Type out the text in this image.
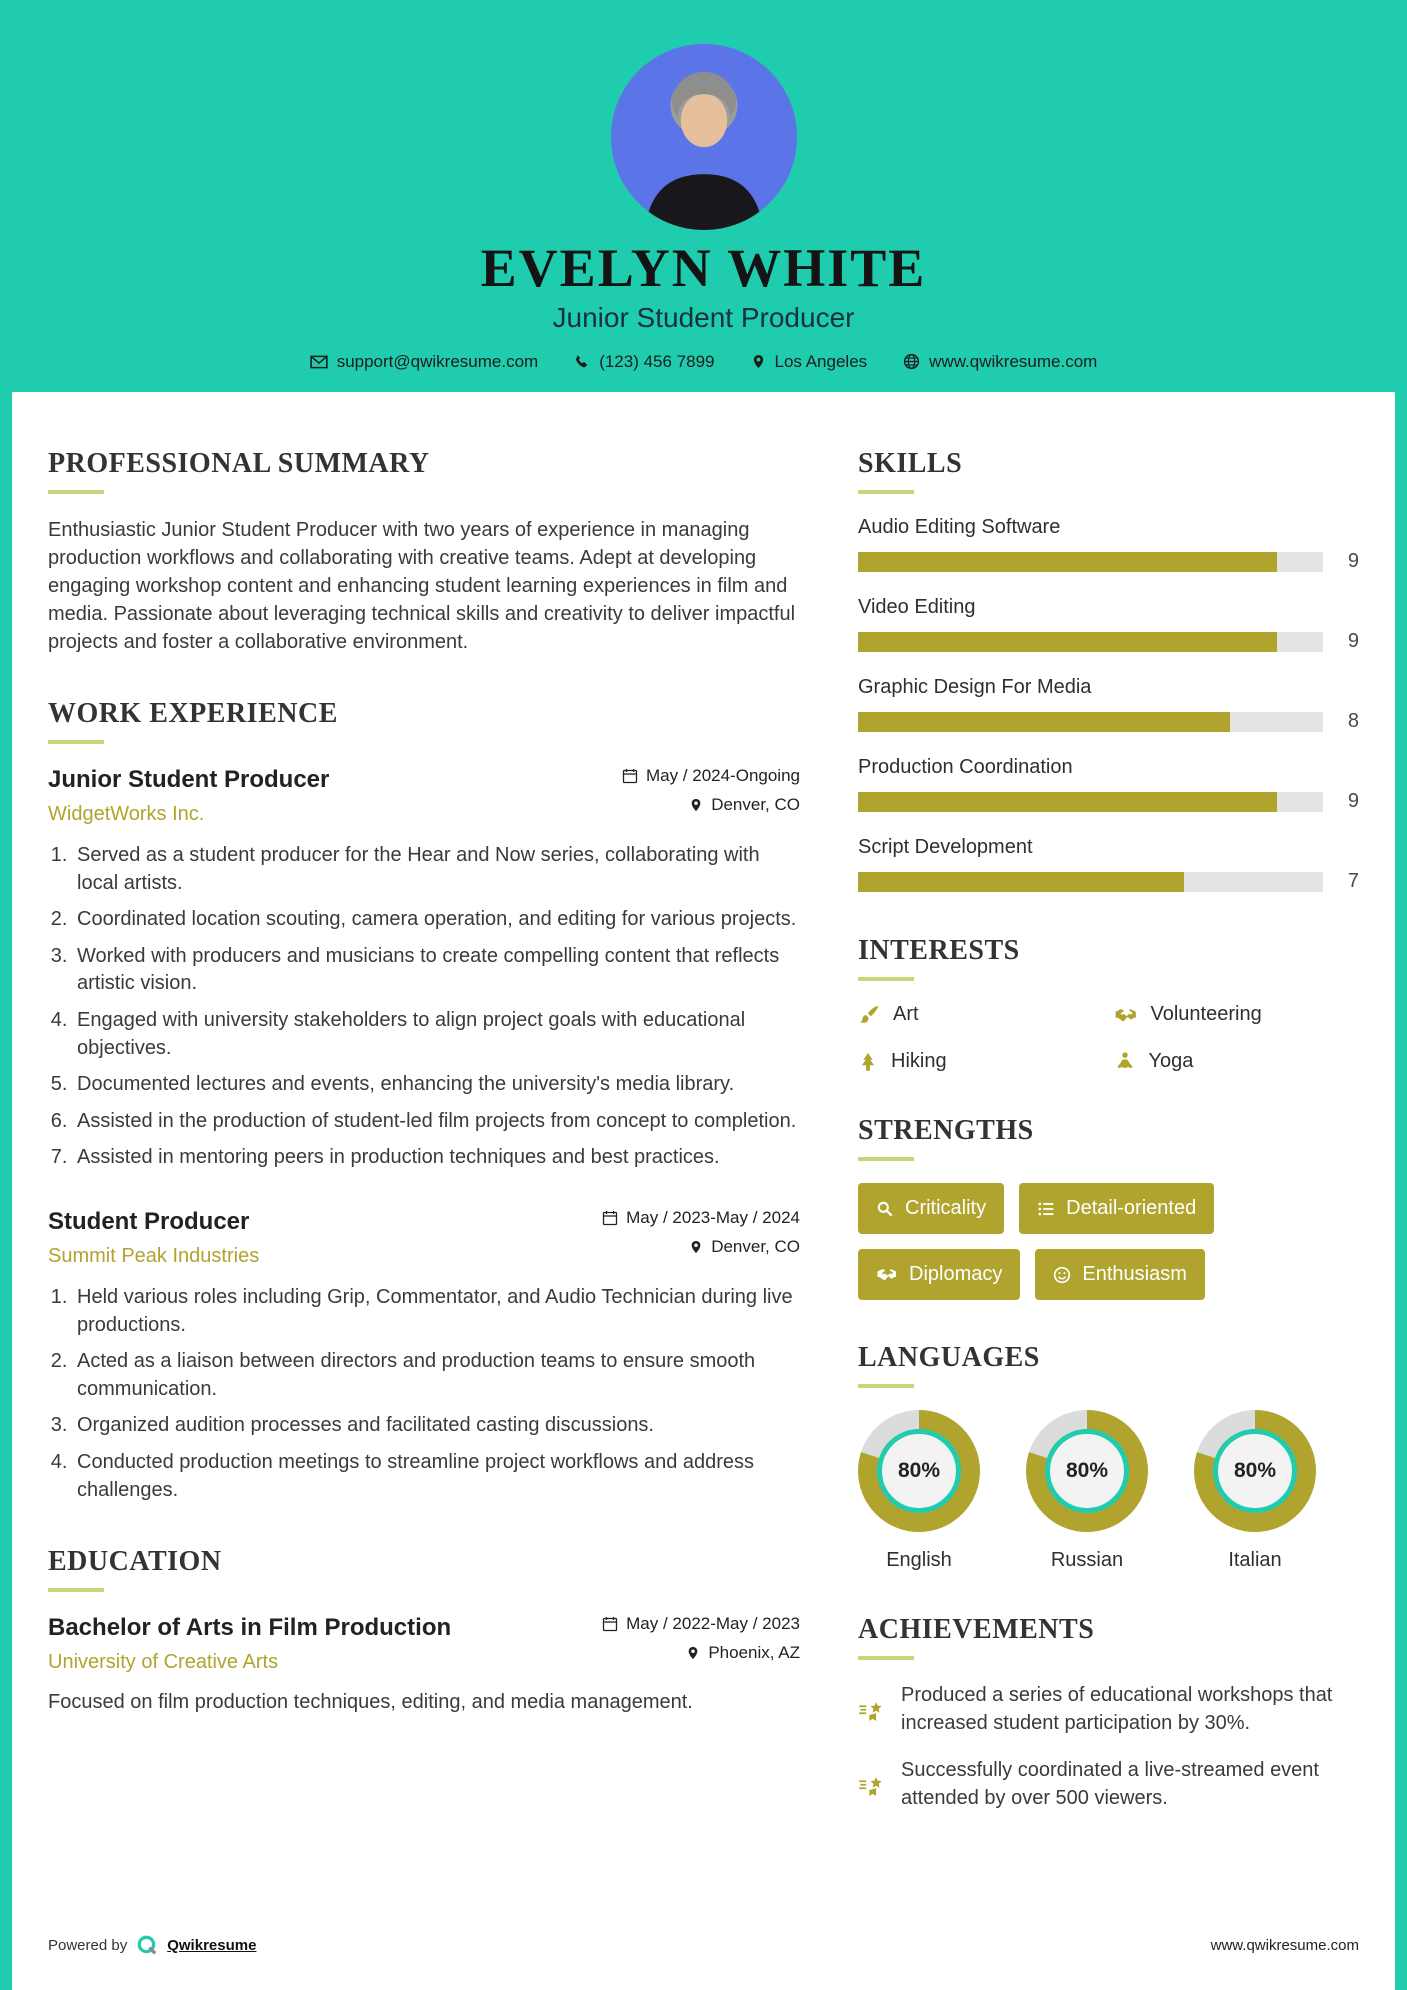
EVELYN WHITE
Junior Student Producer
support@qwikresume.com	(123) 456 7899	Los Angeles	www.qwikresume.com
PROFESSIONAL SUMMARY

Enthusiastic Junior Student Producer with two years of experience in managing production workflows and collaborating with creative teams. Adept at developing engaging workshop content and enhancing student learning experiences in film and media. Passionate about leveraging technical skills and creativity to deliver impactful projects and foster a collaborative environment.

WORK EXPERIENCE
Junior Student Producer
WidgetWorks Inc.
May / 2024-Ongoing
Denver, CO
1. Served as a student producer for the Hear and Now series, collaborating with local artists.
2. Coordinated location scouting, camera operation, and editing for various projects.
3. Worked with producers and musicians to create compelling content that reflects artistic vision.
4. Engaged with university stakeholders to align project goals with educational objectives.
5. Documented lectures and events, enhancing the university's media library.
6. Assisted in the production of student-led film projects from concept to completion.
7. Assisted in mentoring peers in production techniques and best practices.
Student Producer
Summit Peak Industries
May / 2023-May / 2024
Denver, CO
1. Held various roles including Grip, Commentator, and Audio Technician during live productions.
2. Acted as a liaison between directors and production teams to ensure smooth communication.
3. Organized audition processes and facilitated casting discussions.
4. Conducted production meetings to streamline project workflows and address challenges.
EDUCATION
Bachelor of Arts in Film Production
University of Creative Arts
May / 2022-May / 2023
Phoenix, AZ

Focused on film production techniques, editing, and media management.

SKILLS
Audio Editing Software
9
Video Editing
9
Graphic Design For Media
8
Production Coordination
9
Script Development
7
INTERESTS
Art	Volunteering
Hiking	Yoga
STRENGTHS
Criticality	Detail-oriented
Diplomacy	Enthusiasm
LANGUAGES
80%
English
80%
Russian
80%
Italian
ACHIEVEMENTS
Produced a series of educational workshops that increased student participation by 30%.
Successfully coordinated a live-streamed event attended by over 500 viewers.
Powered by	Qwikresume	www.qwikresume.com
